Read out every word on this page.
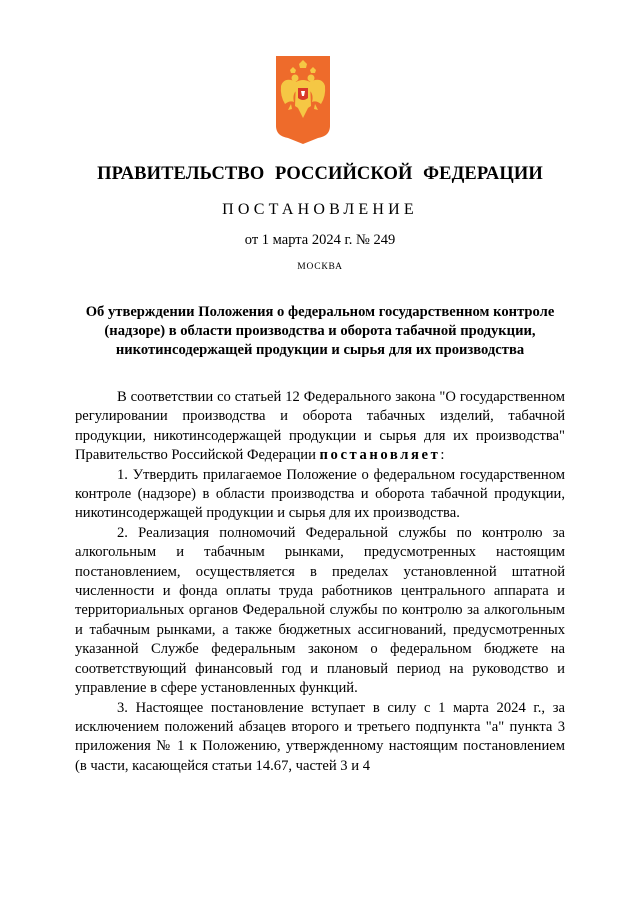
ПРАВИТЕЛЬСТВО РОССИЙСКОЙ ФЕДЕРАЦИИ
ПОСТАНОВЛЕНИЕ
от 1 марта 2024 г. № 249
МОСКВА
Об утверждении Положения о федеральном государственном контроле (надзоре) в области производства и оборота табачной продукции, никотинсодержащей продукции и сырья для их производства

В соответствии со статьей 12 Федерального закона "О государственном регулировании производства и оборота табачных изделий, табачной продукции, никотинсодержащей продукции и сырья для их производства" Правительство Российской Федерации постановляет:

1. Утвердить прилагаемое Положение о федеральном государственном контроле (надзоре) в области производства и оборота табачной продукции, никотинсодержащей продукции и сырья для их производства.

2. Реализация полномочий Федеральной службы по контролю за алкогольным и табачным рынками, предусмотренных настоящим постановлением, осуществляется в пределах установленной штатной численности и фонда оплаты труда работников центрального аппарата и территориальных органов Федеральной службы по контролю за алкогольным и табачным рынками, а также бюджетных ассигнований, предусмотренных указанной Службе федеральным законом о федеральном бюджете на соответствующий финансовый год и плановый период на руководство и управление в сфере установленных функций.

3. Настоящее постановление вступает в силу с 1 марта 2024 г., за исключением положений абзацев второго и третьего подпункта "а" пункта 3 приложения № 1 к Положению, утвержденному настоящим постановлением (в части, касающейся статьи 14.67, частей 3 и 4
